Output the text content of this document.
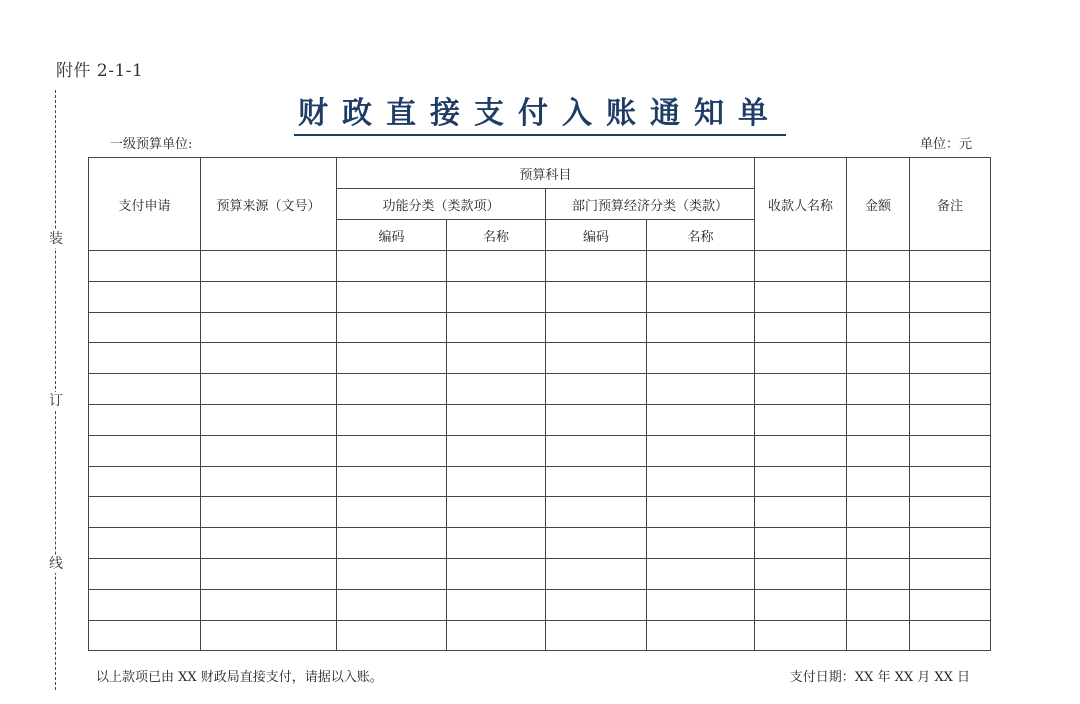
附件 2-1-1
装
订
线
财政直接支付入账通知单
一级预算单位:	单位：元
支付申请	预算来源（文号）	预算科目				收款人名称	金额	备注
		功能分类（类款项）		部门预算经济分类（类款）				
		编码	名称	编码	名称			

以上款项已由 XX 财政局直接支付，请据以入账。	支付日期：XX 年 XX 月 XX 日
